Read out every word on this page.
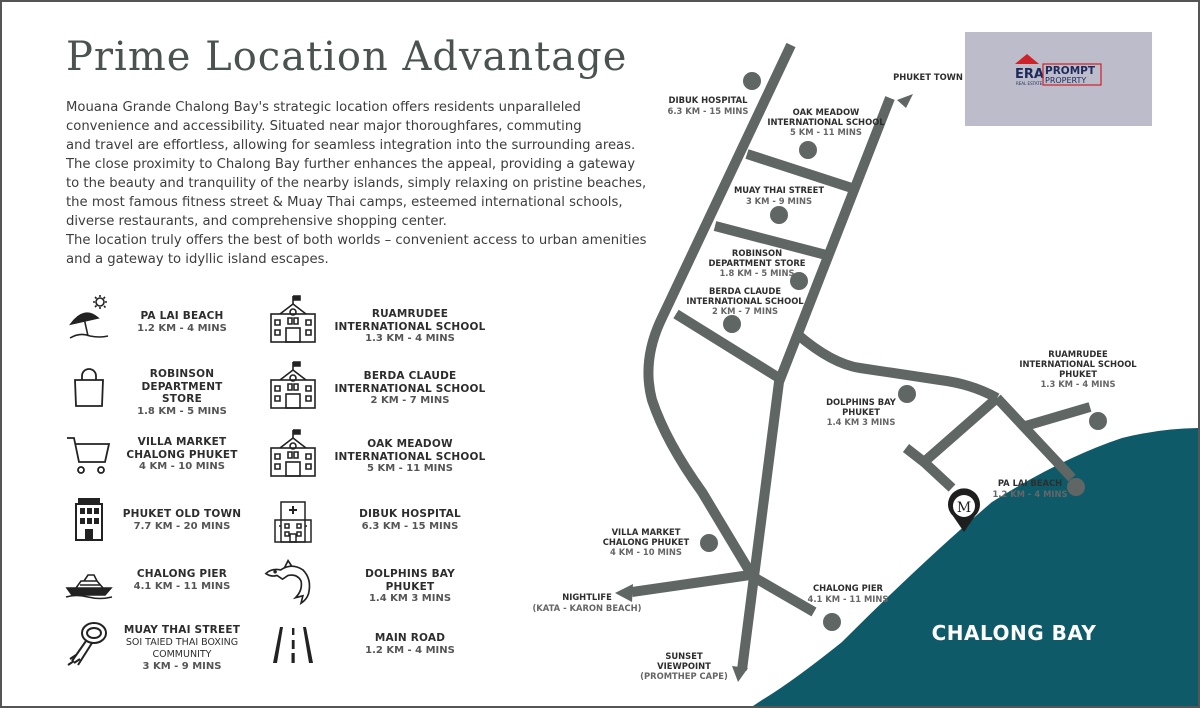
Prime Location Advantage

Mouana Grande Chalong Bay's strategic location offers residents unparalleled

convenience and accessibility. Situated near major thoroughfares, commuting

and travel are effortless, allowing for seamless integration into the surrounding areas.

The close proximity to Chalong Bay further enhances the appeal, providing a gateway

to the beauty and tranquility of the nearby islands, simply relaxing on pristine beaches,

the most famous fitness street & Muay Thai camps, esteemed international schools,

diverse restaurants, and comprehensive shopping center.

The location truly offers the best of both worlds – convenient access to urban amenities

and a gateway to idyllic island escapes.

PA LAI BEACH
1.2 KM - 4 MINS
ROBINSON
DEPARTMENT STORE
1.8 KM - 5 MINS
VILLA MARKET
CHALONG PHUKET
4 KM - 10 MINS
PHUKET OLD TOWN
7.7 KM - 20 MINS
CHALONG PIER
4.1 KM - 11 MINS
MUAY THAI STREET
SOI TAIED THAI BOXING
COMMUNITY
3 KM - 9 MINS
RUAMRUDEE
INTERNATIONAL SCHOOL
1.3 KM - 4 MINS
BERDA CLAUDE
INTERNATIONAL SCHOOL
2 KM - 7 MINS
OAK MEADOW
INTERNATIONAL SCHOOL
5 KM - 11 MINS
DIBUK HOSPITAL
6.3 KM - 15 MINS
DOLPHINS BAY
PHUKET
1.4 KM 3 MINS
MAIN ROAD
1.2 KM - 4 MINS
CHALONG BAY
M
DIBUK HOSPITAL
6.3 KM - 15 MINS
PHUKET TOWN
OAK MEADOW
INTERNATIONAL SCHOOL
5 KM - 11 MINS
MUAY THAI STREET
3 KM - 9 MINS
ROBINSON
DEPARTMENT STORE
1.8 KM - 5 MINS
BERDA CLAUDE
INTERNATIONAL SCHOOL
2 KM - 7 MINS
RUAMRUDEE
INTERNATIONAL SCHOOL
PHUKET
1.3 KM - 4 MINS
DOLPHINS BAY
PHUKET
1.4 KM 3 MINS
PA LAI BEACH
1.2 KM - 4 MINS
VILLA MARKET
CHALONG PHUKET
4 KM - 10 MINS
CHALONG PIER
4.1 KM - 11 MINS
NIGHTLIFE
(KATA - KARON BEACH)
SUNSET
VIEWPOINT
(PROMTHEP CAPE)
ERA
REAL ESTATE
PROMPT
PROPERTY
